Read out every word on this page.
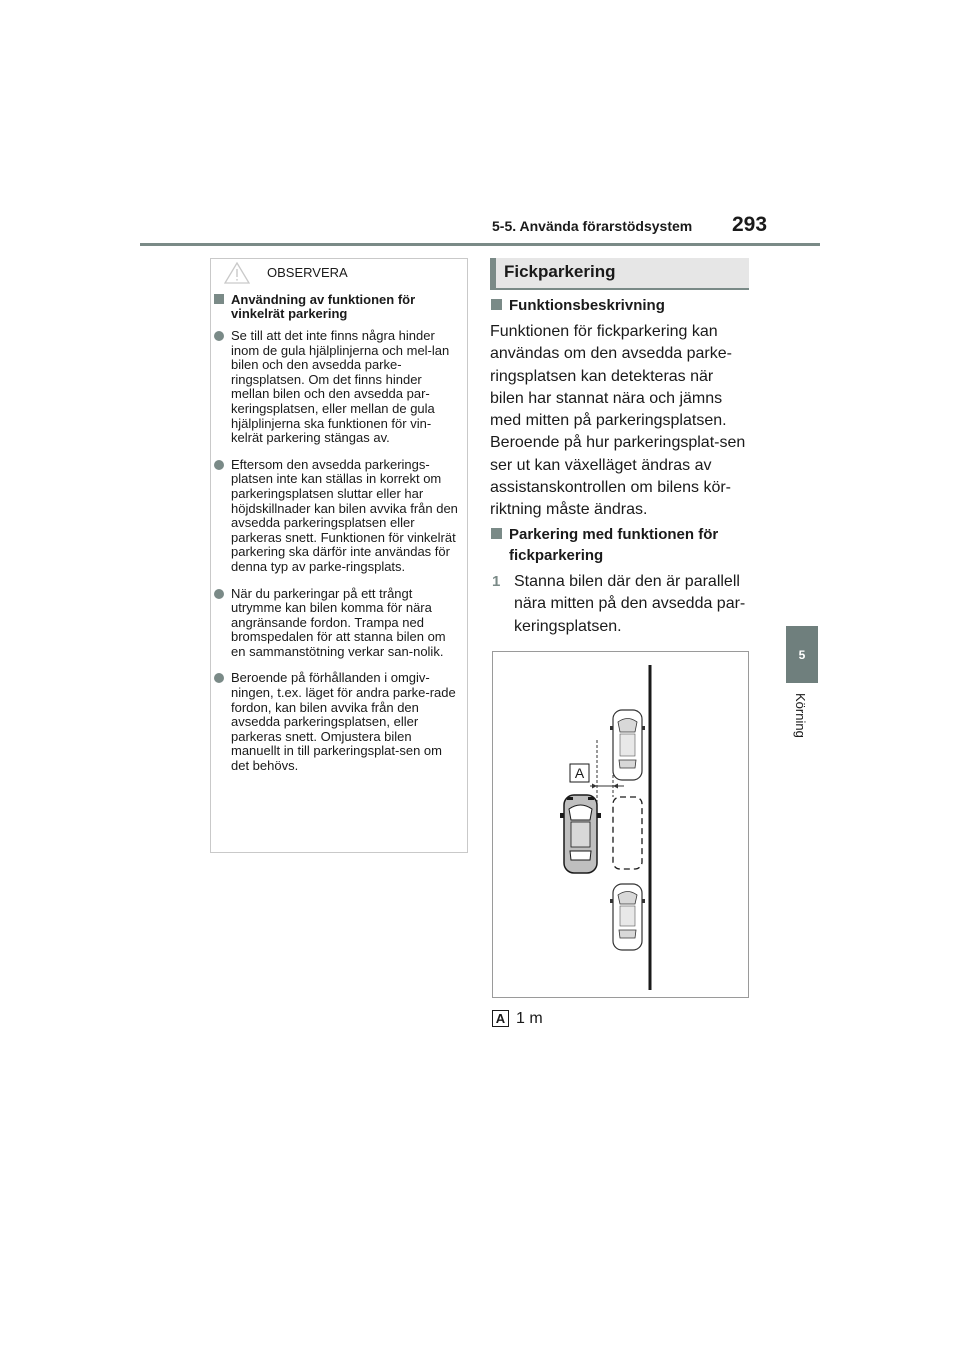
5-5. Använda förarstödsystem 293
5
Körning
OBSERVERA
Användning av funktionen för vinkelrät parkering
Se till att det inte finns några hinder inom de gula hjälplinjerna och mel-lan bilen och den avsedda parke-ringsplatsen. Om det finns hinder mellan bilen och den avsedda par-keringsplatsen, eller mellan de gula hjälplinjerna ska funktionen för vin-kelrät parkering stängas av.
Eftersom den avsedda parkerings-platsen inte kan ställas in korrekt om parkeringsplatsen sluttar eller har höjdskillnader kan bilen avvika från den avsedda parkeringsplatsen eller parkeras snett. Funktionen för vinkelrät parkering ska därför inte användas för denna typ av parke-ringsplats.
När du parkeringar på ett trångt utrymme kan bilen komma för nära angränsande fordon. Trampa ned bromspedalen för att stanna bilen om en sammanstötning verkar san-nolik.
Beroende på förhållanden i omgiv-ningen, t.ex. läget för andra parke-rade fordon, kan bilen avvika från den avsedda parkeringsplatsen, eller parkeras snett. Omjustera bilen manuellt in till parkeringsplat-sen om det behövs.
Fickparkering
Funktionsbeskrivning
Funktionen för fickparkering kan användas om den avsedda parke-ringsplatsen kan detekteras när bilen har stannat nära och jämns med mitten på parkeringsplatsen. Beroende på hur parkeringsplat-sen ser ut kan växelläget ändras av assistanskontrollen om bilens kör-riktning måste ändras.
Parkering med funktionen för fickparkering
1 Stanna bilen där den är parallell nära mitten på den avsedda par-keringsplatsen.
A
A 1 m
